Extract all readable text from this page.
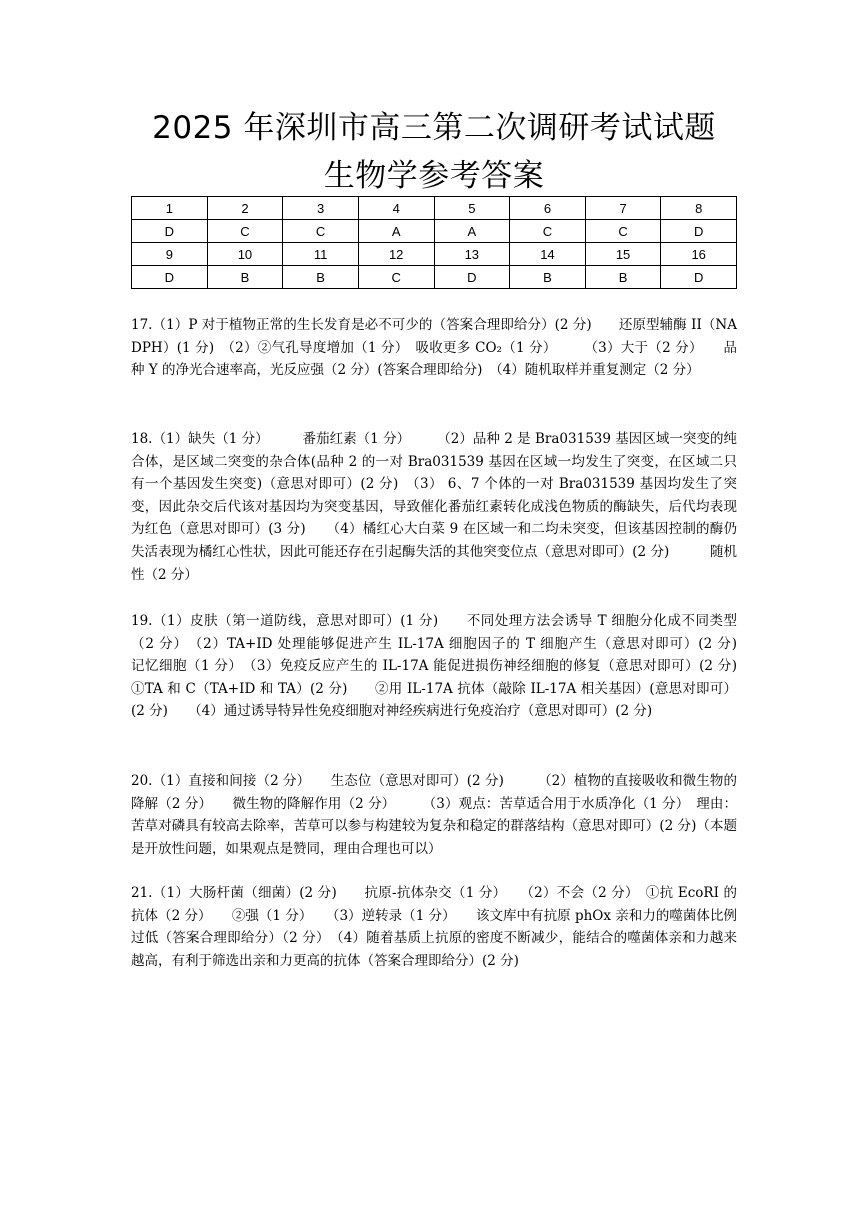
2025 年深圳市高三第二次调研考试试题
生物学参考答案
1	2	3	4	5	6	7	8
D	C	C	A	A	C	C	D
9	10	11	12	13	14	15	16
D	B	B	C	D	B	B	D

17.（1）P 对于植物正常的生长发育是必不可少的（答案合理即给分）(2 分)　　还原型辅酶 II（NADPH）(1 分)　（2）②气孔导度增加（1 分）　吸收更多 CO₂（1 分）　　　（3）大于（2 分）　　品种 Y 的净光合速率高，光反应强（2 分）(答案合理即给分)　（4）随机取样并重复测定（2 分）

18.（1）缺失（1 分）　　　番茄红素（1 分）　　　（2）品种 2 是 Bra031539 基因区域一突变的纯合体，是区域二突变的杂合体(品种 2 的一对 Bra031539 基因在区域一均发生了突变，在区域二只有一个基因发生突变)（意思对即可）(2 分)　（3） 6、7 个体的一对 Bra031539 基因均发生了突变，因此杂交后代该对基因均为突变基因，导致催化番茄红素转化成浅色物质的酶缺失，后代均表现为红色（意思对即可）(3 分)　　（4）橘红心大白菜 9 在区域一和二均未突变，但该基因控制的酶仍失活表现为橘红心性状，因此可能还存在引起酶失活的其他突变位点（意思对即可）(2 分)　　　随机性（2 分）

19.（1）皮肤（第一道防线，意思对即可）(1 分)　　不同处理方法会诱导 T 细胞分化成不同类型（2 分）　（2）TA+ID 处理能够促进产生 IL-17A 细胞因子的 T 细胞产生（意思对即可）(2 分)　　记忆细胞（1 分）　（3）免疫反应产生的 IL-17A 能促进损伤神经细胞的修复（意思对即可）(2 分)　　①TA 和 C（TA+ID 和 TA）(2 分)　　②用 IL-17A 抗体（敲除 IL-17A 相关基因）(意思对即可）(2 分)　　（4）通过诱导特异性免疫细胞对神经疾病进行免疫治疗（意思对即可）(2 分)

20.（1）直接和间接（2 分）　　生态位（意思对即可）(2 分)　　　（2）植物的直接吸收和微生物的降解（2 分）　　微生物的降解作用（2 分）　　　（3）观点：苦草适合用于水质净化（1 分）　理由：苦草对磷具有较高去除率，苦草可以参与构建较为复杂和稳定的群落结构（意思对即可）(2 分)（本题是开放性问题，如果观点是赞同，理由合理也可以）

21.（1）大肠杆菌（细菌）(2 分)　　抗原-抗体杂交（1 分）　　（2）不会（2 分）　①抗 EcoRI 的抗体（2 分）　　②强（1 分）　　（3）逆转录（1 分）　　该文库中有抗原 phOx 亲和力的噬菌体比例过低（答案合理即给分）（2 分）　（4）随着基质上抗原的密度不断减少，能结合的噬菌体亲和力越来越高，有利于筛选出亲和力更高的抗体（答案合理即给分）(2 分)
